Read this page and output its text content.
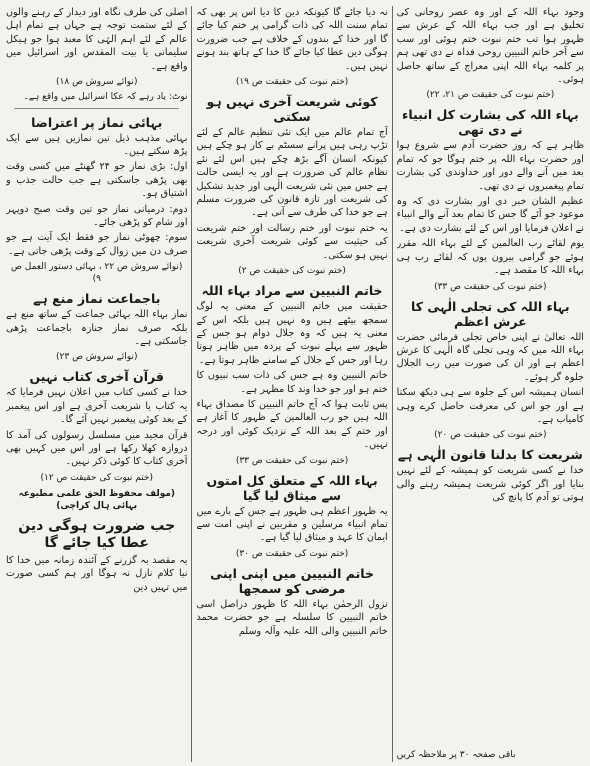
اصلی کی طرف نگاہ اور دیدار کے رہنے والوں کے لئے ستمت توجہ ہے جہاں ہے تمام اہل عالم کے لئے اہم الہٰی کا معبد ہوا جو ہیکل سلیمانی یا بیت المقدس اور اسرائیل میں واقع ہے۔

(نوائے سروش ص ۱۸)
نوٹ: یاد رہے کہ عکا اسرائیل میں واقع ہے۔
بہائی نماز پر اعتراضا

بہائی مذہب ذیل تین نمازیں ہیں سے ایک پڑھ سکتے ہیں۔

اول: بڑی نماز جو ۲۴ گھنٹے میں کسی وقت بھی پڑھی جاسکتی ہے جب حالت جذب و اشتیاق ہو۔

دوم: درمیانی نماز جو تین وقت صبح دوپہر اور شام کو پڑھی جائے۔

سوم: چھوٹی نماز جو فقط ایک آیت ہے جو صرف دن میں زوال کے وقت پڑھی جاتی ہے۔

(نوائے سروش ص ۲۲ ، بہائی دستور العمل ص ۹)
باجماعت نماز منع ہے

نماز بہاء اللہ بہائی جماعت کے ساتھ منع ہے بلکہ صرف نماز جنازہ باجماعت پڑھی جاسکتی ہے۔

(نوائے سروش ص ۲۳)
قرآن آخری کتاب نہیں

خدا نے کسی کتاب میں اعلان نہیں فرمایا کہ یہ کتاب یا شریعت آخری ہے اور اس پیغمبر کے بعد کوئی پیغمبر نہیں آئے گا۔

قرآن مجید میں مسلسل رسولوں کی آمد کا دروازہ کھلا رکھا ہے اور اس میں کہیں بھی آخری کتاب کا کوئی ذکر نہیں۔

(ختم نبوت کی حقیقت ص ۱۲)
(مولف محفوظ الحق علمی مطبوعہ بہائی ہال کراچی)
جب ضرورت ہوگی دین عطا کیا جائے گا

یہ مقصد بہ گزرنے کے آئندہ زمانہ میں خدا کا نیا کلام نازل نہ ہوگا اور ہم کسی صورت میں تہیں دین

نہ دیا جائے گا کیونکہ دین کا دیا اس پر بھی کہ تمام سنت اللہ کی ذات گرامی پر ختم کیا جائے گا اور خدا کے بندوں کے خلاف ہے جب ضرورت ہوگی دین عطا کیا جائے گا خدا کے ہاتھ بند ہونے نہیں ہیں۔

(ختم نبوت کی حقیقت ص ۱۹)
کوئی شریعت آخری نہیں ہو سکتی

آج تمام عالم میں ایک نئی تنظیم عالم کے لئے تڑپ رہی ہیں پرانے سسٹم بے کار ہو چکے ہیں کیونکہ انسان آگے بڑھ چکے ہیں اس لئے نئے نظام عالم کی ضرورت ہے اور یہ ایسی حالت ہے جس میں نئی شریعت الٰہی اور جدید تشکیل کی شریعت اور تازہ قانون کی ضرورت مسلم ہے جو خدا کی طرف سے آتی ہے۔

یہ ختم نبوت اور ختم رسالت اور ختم شریعت کی حیثیت سے کوئی شریعت آخری شریعت نہیں ہو سکتی۔

(ختم نبوت کی حقیقت ص ۲)
خاتم النبیین سے مراد بہاء اللہ

حقیقت میں خاتم النبیین کے معنی یہ لوگ سمجھ بیٹھے ہیں وہ نہیں ہیں بلکہ اس کے معنی یہ ہیں کہ وہ جلال دوام ہو جس کے ظہور سے پہلے نبوت کے پردہ میں ظاہر ہوتا رہا اور جس کے جلال کے سامنے ظاہر ہوتا ہے۔

خاتم النبیین وہ ہے جس کی ذات سب نبیوں کا ختم ہو اور جو خدا وند کا مظہر ہے۔

پس ثابت ہوا کہ آج خاتم النبیین کا مصداق بہاء اللہ ہیں جو رب العالمین کے ظہور کا آغاز ہے اور ختم کے بعد اللہ کے نزدیک کوئی اور درجہ نہیں۔

(ختم نبوت کی حقیقت ص ۳۳)
بہاء اللہ کے متعلق کل امتوں سے میثاق لیا گیا

یہ ظہور اعظم ہی ظہور ہے جس کے بارے میں تمام انبیاء مرسلین و مقربین نے اپنی امت سے ایمان کا عہد و میثاق لیا گیا ہے۔

(ختم نبوت کی حقیقت ص ۳۰)
خاتم النبیین میں اپنی اپنی مرضی کو سمجھا

نزول الرحمٰن بہاء اللہ کا ظہور دراصل اسی خاتم النبیین کا سلسلہ ہے جو حضرت محمد خاتم النبیین والی اللہ علیہ وآلہ وسلم

وجود بہاء اللہ کے اور وہ عصر روحانی کی تخلیق ہے اور جب بہاء اللہ کے عرش سے ظہور ہوا تب ختم نبوت ختم ہوئی اور سب سے آخر خاتم النبیین روحی فداہ نے دی تھی ہم پر کلمہ بہاء اللہ اپنی معراج کے ساتھ حاصل ہوئی۔

(ختم نبوت کی حقیقت ص ۲۱، ۲۲)
بہاء اللہ کی بشارت کل انبیاء نے دی تھی

ظاہر ہے کہ روز حضرت آدم سے شروع ہوا اور حضرت بہاء اللہ پر ختم ہوگا جو کہ تمام بعد میں آنے والے دور اور خداوندی کی بشارت تمام پیغمبروں نے دی تھی۔

عظیم الشان خبر دی اور بشارت دی کہ وہ موعود جو آئے گا جس کا تمام بعد آنے والے انبیاء نے اعلان فرمایا اور اس کے لئے بشارت دی ہے۔

یوم لقائے رب العالمین کے لئے بہاء اللہ مقرر ہوئے جو گرامی بیرون یوں کہ لقائے رب ہی بہاء اللہ کا مقصد ہے۔

(ختم نبوت کی حقیقت ص ۳۳)
بہاء اللہ کی تجلی الٰہی کا عرش اعظم

اللہ تعالیٰ نے اپنی خاص تجلی فرمائی حضرت بہاء اللہ میں کہ وہی تجلی گاہ الٰہی کا عرش اعظم ہے اور ان کی صورت میں رب الجلال جلوہ گر ہوئے۔

انسان ہمیشہ اس کے جلوہ سے ہی دیکھ سکتا ہے اور جو اس کی معرفت حاصل کرے وہی کامیاب ہے۔

(ختم نبوت کی حقیقت ص ۲۰)
شریعت کا بدلنا قانون الٰہی ہے

خدا نے کسی شریعت کو ہمیشہ کے لئے نہیں بنایا اور اگر کوئی شریعت ہمیشہ رہنے والی ہوتی تو آدم کا پانچ کی

باقی صفحہ ۳۰ پر ملاحظہ کریں
